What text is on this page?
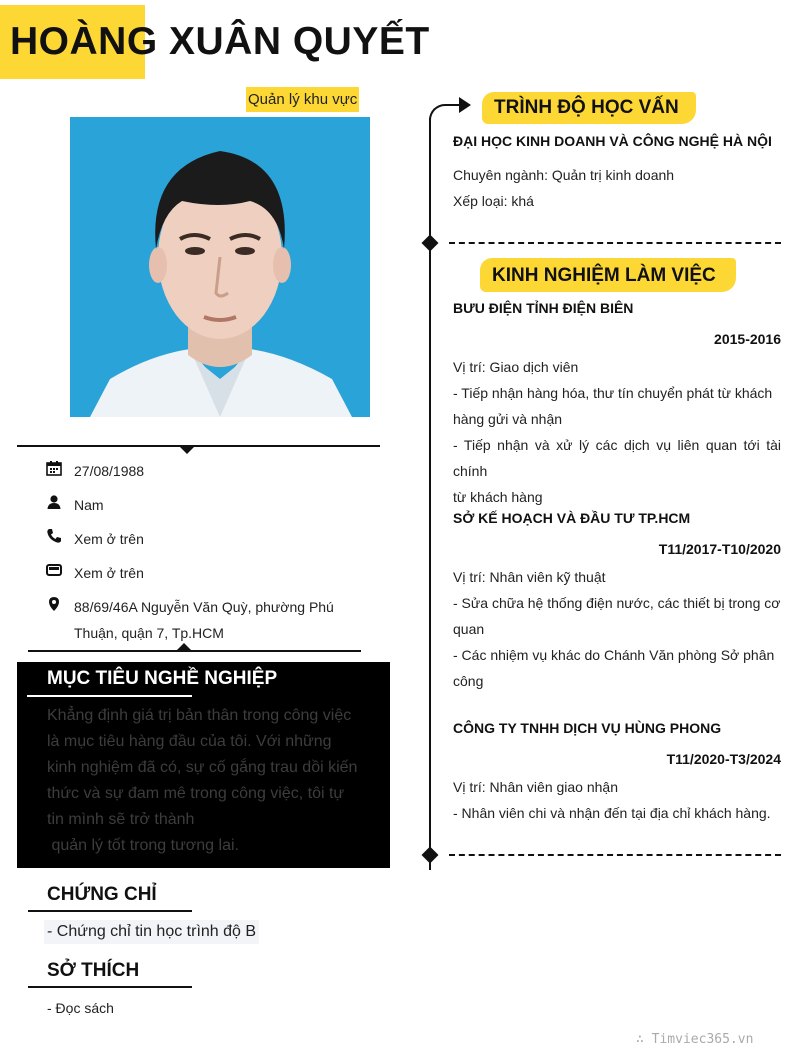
HOÀNG XUÂN QUYẾT
Quản lý khu vực
27/08/1988
Nam
Xem ở trên
Xem ở trên
88/69/46A Nguyễn Văn Quỳ, phường Phú Thuận, quận 7, Tp.HCM
MỤC TIÊU NGHỀ NGHIỆP
Khẳng định giá trị bản thân trong công việc
là mục tiêu hàng đầu của tôi. Với những
kinh nghiệm đã có, sự cố gắng trau dồi kiến
thức và sự đam mê trong công việc, tôi tự
tin mình sẽ trở thành
quản lý tốt trong tương lai.
CHỨNG CHỈ
- Chứng chỉ tin học trình độ B
SỞ THÍCH
- Đọc sách
TRÌNH ĐỘ HỌC VẤN
ĐẠI HỌC KINH DOANH VÀ CÔNG NGHỆ HÀ NỘI
Chuyên ngành: Quản trị kinh doanh
Xếp loại: khá
KINH NGHIỆM LÀM VIỆC
BƯU ĐIỆN TỈNH ĐIỆN BIÊN
2015-2016
Vị trí: Giao dịch viên
- Tiếp nhận hàng hóa, thư tín chuyển phát từ khách
hàng gửi và nhận
- Tiếp nhận và xử lý các dịch vụ liên quan tới tài chính
từ khách hàng
SỞ KẾ HOẠCH VÀ ĐẦU TƯ TP.HCM
T11/2017-T10/2020
Vị trí: Nhân viên kỹ thuật
- Sửa chữa hệ thống điện nước, các thiết bị trong cơ
quan
- Các nhiệm vụ khác do Chánh Văn phòng Sở phân
công
CÔNG TY TNHH DỊCH VỤ HÙNG PHONG
T11/2020-T3/2024
Vị trí: Nhân viên giao nhận
- Nhân viên chi và nhận đến tại địa chỉ khách hàng.
∴ Timviec365.vn
